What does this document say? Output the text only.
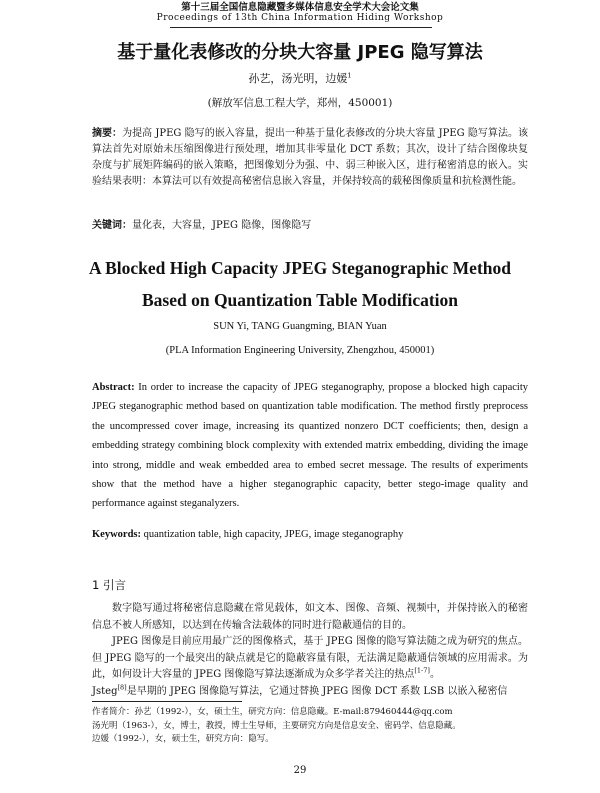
第十三届全国信息隐藏暨多媒体信息安全学术大会论文集
Proceedings of 13th China Information Hiding Workshop
基于量化表修改的分块大容量 JPEG 隐写算法
孙艺，汤光明，边媛$^1$
(解放军信息工程大学，郑州，450001)
摘要：为提高 JPEG 隐写的嵌入容量，提出一种基于量化表修改的分块大容量 JPEG 隐写算法。该算法首先对原始未压缩图像进行预处理，增加其非零量化 DCT 系数；其次，设计了结合图像块复杂度与扩展矩阵编码的嵌入策略，把图像划分为强、中、弱三种嵌入区，进行秘密消息的嵌入。实验结果表明：本算法可以有效提高秘密信息嵌入容量，并保持较高的载秘图像质量和抗检测性能。
关键词：量化表，大容量，JPEG 隐像，图像隐写
A Blocked High Capacity JPEG Steganographic Method
Based on Quantization Table Modification
SUN Yi, TANG Guangming, BIAN Yuan
(PLA Information Engineering University, Zhengzhou, 450001)
Abstract: In order to increase the capacity of JPEG steganography, propose a blocked high capacity JPEG steganographic method based on quantization table modification. The method firstly preprocess the uncompressed cover image, increasing its quantized nonzero DCT coefficients; then, design a embedding strategy combining block complexity with extended matrix embedding, dividing the image into strong, middle and weak embedded area to embed secret message. The results of experiments show that the method have a higher steganographic capacity, better stego-image quality and performance against steganalyzers.
Keywords: quantization table, high capacity, JPEG, image steganography
1 引言

数字隐写通过将秘密信息隐藏在常见载体，如文本、图像、音频、视频中，并保持嵌入的秘密信息不被人所感知，以达到在传输含法载体的同时进行隐蔽通信的目的。

JPEG 图像是目前应用最广泛的图像格式，基于 JPEG 图像的隐写算法随之成为研究的焦点。但 JPEG 隐写的一个最突出的缺点就是它的隐蔽容量有限，无法满足隐蔽通信领域的应用需求。为此，如何设计大容量的 JPEG 图像隐写算法逐渐成为众多学者关注的热点[1-7]。

Jsteg[8]是早期的 JPEG 图像隐写算法，它通过替换 JPEG 图像 DCT 系数 LSB 以嵌入秘密信

作者简介：孙艺（1992-），女，硕士生，研究方向：信息隐藏。E-mail:879460444@qq.com
汤光明（1963-），女，博士，教授，博士生导师，主要研究方向是信息安全、密码学、信息隐藏。
边媛（1992-），女，硕士生，研究方向：隐写。
29
